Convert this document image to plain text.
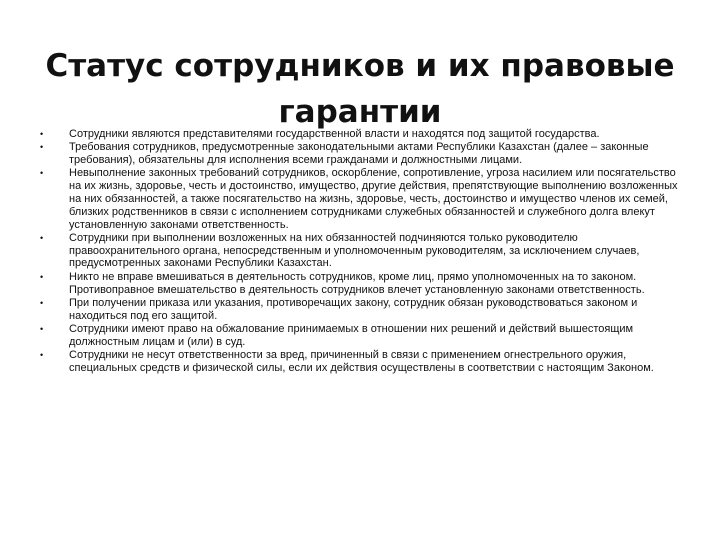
Статус сотрудников и их правовые
гарантии
• Сотрудники являются представителями государственной власти и находятся под защитой государства.
• Требования сотрудников, предусмотренные законодательными актами Республики Казахстан (далее – законные требования), обязательны для исполнения всеми гражданами и должностными лицами.
• Невыполнение законных требований сотрудников, оскорбление, сопротивление, угроза насилием или посягательство на их жизнь, здоровье, честь и достоинство, имущество, другие действия, препятствующие выполнению возложенных на них обязанностей, а также посягательство на жизнь, здоровье, честь, достоинство и имущество членов их семей, близких родственников в связи с исполнением сотрудниками служебных обязанностей и служебного долга влекут установленную законами ответственность.
• Сотрудники при выполнении возложенных на них обязанностей подчиняются только руководителю правоохранительного органа, непосредственным и уполномоченным руководителям, за исключением случаев, предусмотренных законами Республики Казахстан.
• Никто не вправе вмешиваться в деятельность сотрудников, кроме лиц, прямо уполномоченных на то законом. Противоправное вмешательство в деятельность сотрудников влечет установленную законами ответственность.
• При получении приказа или указания, противоречащих закону, сотрудник обязан руководствоваться законом и находиться под его защитой.
• Сотрудники имеют право на обжалование принимаемых в отношении них решений и действий вышестоящим должностным лицам и (или) в суд.
• Сотрудники не несут ответственности за вред, причиненный в связи с применением огнестрельного оружия, специальных средств и физической силы, если их действия осуществлены в соответствии с настоящим Законом.
